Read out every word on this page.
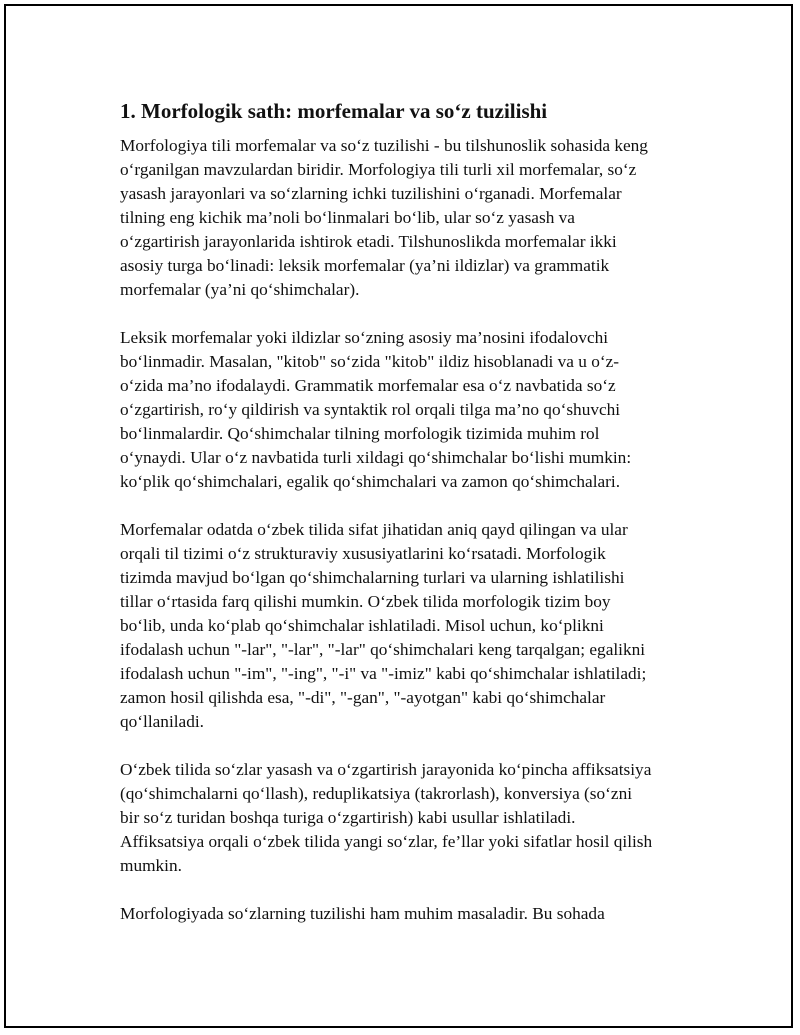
1. Morfologik sath: morfemalar va so‘z tuzilishi
Morfologiya tili morfemalar va so‘z tuzilishi - bu tilshunoslik sohasida keng
o‘rganilgan mavzulardan biridir. Morfologiya tili turli xil morfemalar, so‘z
yasash jarayonlari va so‘zlarning ichki tuzilishini o‘rganadi. Morfemalar
tilning eng kichik ma’noli bo‘linmalari bo‘lib, ular so‘z yasash va
o‘zgartirish jarayonlarida ishtirok etadi. Tilshunoslikda morfemalar ikki
asosiy turga bo‘linadi: leksik morfemalar (ya’ni ildizlar) va grammatik
morfemalar (ya’ni qo‘shimchalar).
Leksik morfemalar yoki ildizlar so‘zning asosiy ma’nosini ifodalovchi
bo‘linmadir. Masalan, "kitob" so‘zida "kitob" ildiz hisoblanadi va u o‘z-
o‘zida ma’no ifodalaydi. Grammatik morfemalar esa o‘z navbatida so‘z
o‘zgartirish, ro‘y qildirish va syntaktik rol orqali tilga ma’no qo‘shuvchi
bo‘linmalardir. Qo‘shimchalar tilning morfologik tizimida muhim rol
o‘ynaydi. Ular o‘z navbatida turli xildagi qo‘shimchalar bo‘lishi mumkin:
ko‘plik qo‘shimchalari, egalik qo‘shimchalari va zamon qo‘shimchalari.
Morfemalar odatda o‘zbek tilida sifat jihatidan aniq qayd qilingan va ular
orqali til tizimi o‘z strukturaviy xususiyatlarini ko‘rsatadi. Morfologik
tizimda mavjud bo‘lgan qo‘shimchalarning turlari va ularning ishlatilishi
tillar o‘rtasida farq qilishi mumkin. O‘zbek tilida morfologik tizim boy
bo‘lib, unda ko‘plab qo‘shimchalar ishlatiladi. Misol uchun, ko‘plikni
ifodalash uchun "-lar", "-lar", "-lar" qo‘shimchalari keng tarqalgan; egalikni
ifodalash uchun "-im", "-ing", "-i" va "-imiz" kabi qo‘shimchalar ishlatiladi;
zamon hosil qilishda esa, "-di", "-gan", "-ayotgan" kabi qo‘shimchalar
qo‘llaniladi.
O‘zbek tilida so‘zlar yasash va o‘zgartirish jarayonida ko‘pincha affiksatsiya
(qo‘shimchalarni qo‘llash), reduplikatsiya (takrorlash), konversiya (so‘zni
bir so‘z turidan boshqa turiga o‘zgartirish) kabi usullar ishlatiladi.
Affiksatsiya orqali o‘zbek tilida yangi so‘zlar, fe’llar yoki sifatlar hosil qilish
mumkin.
Morfologiyada so‘zlarning tuzilishi ham muhim masaladir. Bu sohada
